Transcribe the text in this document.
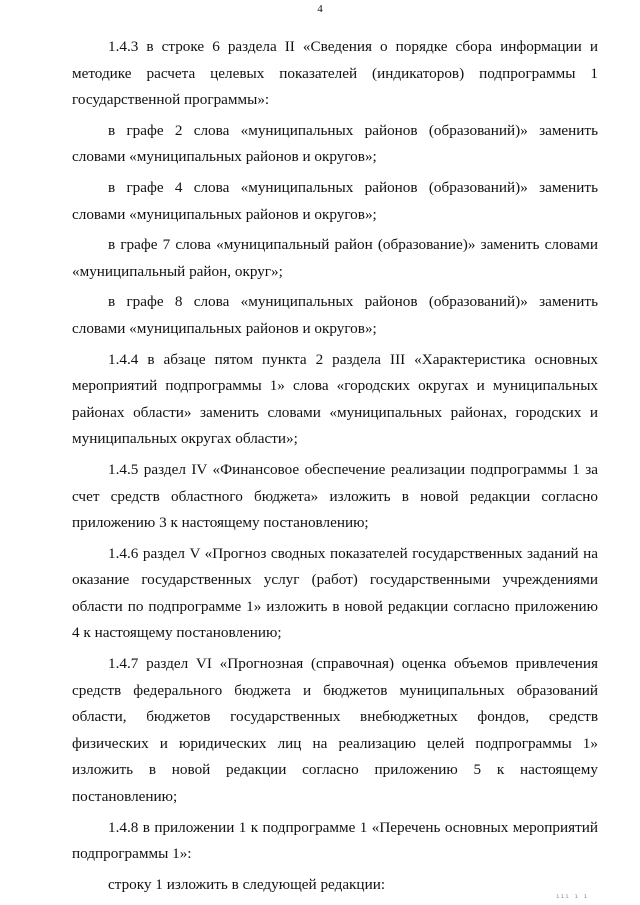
4

1.4.3 в строке 6 раздела II «Сведения о порядке сбора информации и методике расчета целевых показателей (индикаторов) подпрограммы 1 государственной программы»:

в графе 2 слова «муниципальных районов (образований)» заменить словами «муниципальных районов и округов»;

в графе 4 слова «муниципальных районов (образований)» заменить словами «муниципальных районов и округов»;

в графе 7 слова «муниципальный район (образование)» заменить словами «муниципальный район, округ»;

в графе 8 слова «муниципальных районов (образований)» заменить словами «муниципальных районов и округов»;

1.4.4 в абзаце пятом пункта 2 раздела III «Характеристика основных мероприятий подпрограммы 1» слова «городских округах и муниципальных районах области» заменить словами «муниципальных районах, городских и муниципальных округах области»;

1.4.5 раздел IV «Финансовое обеспечение реализации подпрограммы 1 за счет средств областного бюджета» изложить в новой редакции согласно приложению 3 к настоящему постановлению;

1.4.6 раздел V «Прогноз сводных показателей государственных заданий на оказание государственных услуг (работ) государственными учреждениями области по подпрограмме 1» изложить в новой редакции согласно приложению 4 к настоящему постановлению;

1.4.7 раздел VI «Прогнозная (справочная) оценка объемов привлечения средств федерального бюджета и бюджетов муниципальных образований области, бюджетов государственных внебюджетных фондов, средств физических и юридических лиц на реализацию целей подпрограммы 1» изложить в новой редакции согласно приложению 5 к настоящему постановлению;

1.4.8 в приложении 1 к подпрограмме 1 «Перечень основных мероприятий подпрограммы 1»:

строку 1 изложить в следующей редакции:

ııı ı ı
